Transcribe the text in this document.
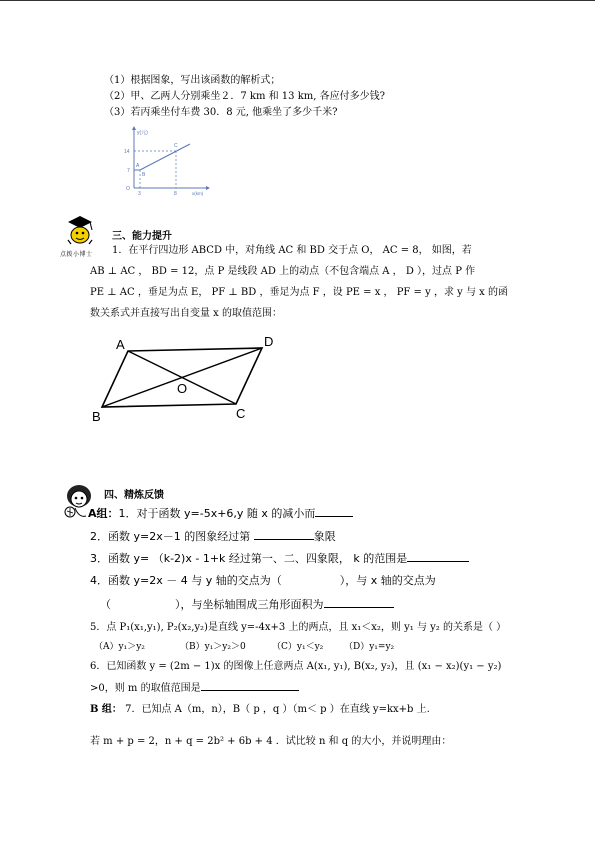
（1）根据图象，写出该函数的解析式；
（2）甲、乙两人分别乘坐２．7 km 和 13 km, 各应付多少钱?
（3）若丙乘坐付车费 30．8 元, 他乘坐了多少千米?
y(元)
14
7
O
3	8	x(km)
A
B
C
点拨小博士
三、能力提升
1．在平行四边形 ABCD 中，对角线 AC 和 BD 交于点 O， AC = 8， 如图，若
AB ⊥ AC ， BD = 12，点 P 是线段 AD 上的动点（不包含端点 A ， D ），过点 P 作
PE ⊥ AC ，垂足为点 E， PF ⊥ BD ，垂足为点 F ，设 PE = x ， PF = y ，求 y 与 x 的函
数关系式并直接写出自变量 x 的取值范围：
A	D
B	C
O
四、精炼反馈
A组：1．对于函数 y=-5x+6,y 随 x 的减小而
2．函数 y=2x－1 的图象经过第	象限
3．函数 y= （k-2)x - 1+k 经过第一、二、四象限， k 的范围是
4．函数 y=2x － 4 与 y 轴的交点为（	），与 x 轴的交点为
（	），与坐标轴围成三角形面积为
5．点 P₁(x₁,y₁), P₂(x₂,y₂)是直线 y=-4x+3 上的两点，且 x₁＜x₂，则 y₁ 与 y₂ 的关系是（ ）
（A）y₁＞y₂	（B）y₁＞y₂＞0	（C）y₁＜y₂ （D）y₁=y₂
6．已知函数 y = (2m − 1)x 的图像上任意两点 A(x₁, y₁), B(x₂, y₂)，且 (x₁ − x₂)(y₁ − y₂)
>0，则 m 的取值范围是
B 组： 7．已知点 A（m，n），B（ p ，q ）（m＜ p ）在直线 y=kx+b 上.
若 m + p = 2，n + q = 2b² + 6b + 4 ．试比较 n 和 q 的大小，并说明理由：
